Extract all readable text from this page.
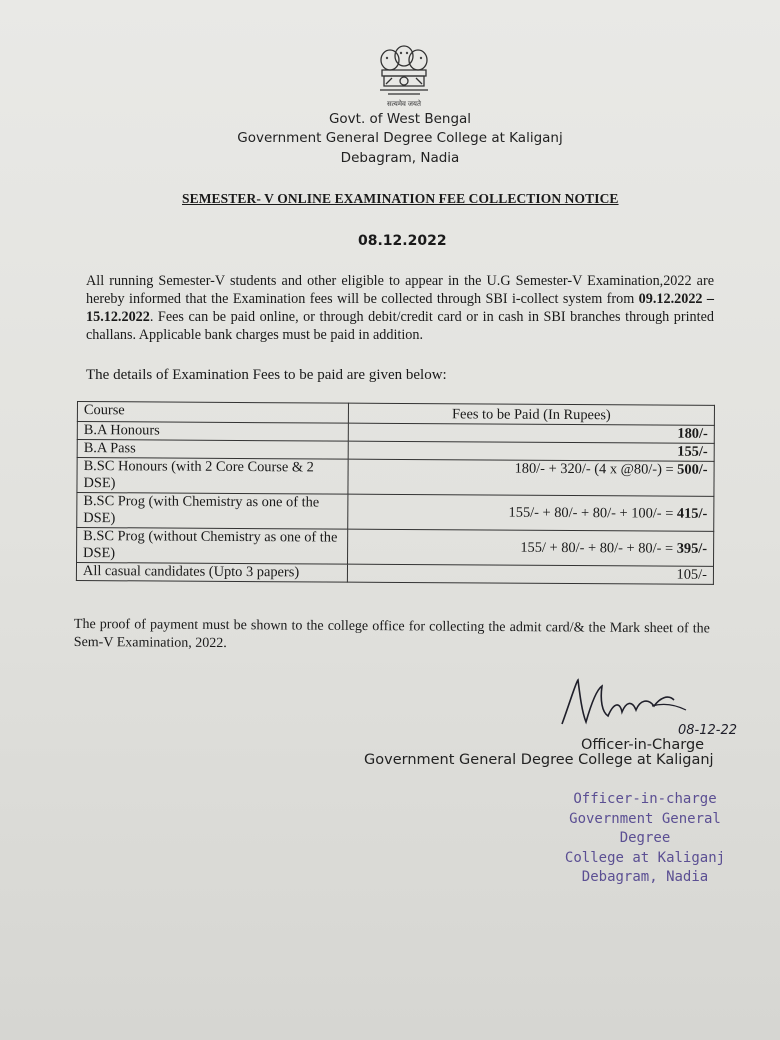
सत्यमेव जयते
Govt. of West Bengal
Government General Degree College at Kaliganj
Debagram, Nadia
SEMESTER- V ONLINE EXAMINATION FEE COLLECTION NOTICE
08.12.2022
All running Semester-V students and other eligible to appear in the U.G Semester-V Examination,2022 are hereby informed that the Examination fees will be collected through SBI i-collect system from 09.12.2022 – 15.12.2022. Fees can be paid online, or through debit/credit card or in cash in SBI branches through printed challans. Applicable bank charges must be paid in addition.
The details of Examination Fees to be paid are given below:
Course	Fees to be Paid (In Rupees)
B.A Honours	180/-
B.A Pass	155/-
B.SC Honours (with 2 Core Course & 2 DSE)	180/- + 320/- (4 x @80/-) = 500/-
B.SC Prog (with Chemistry as one of the DSE)	155/- + 80/- + 80/- + 100/- = 415/-
B.SC Prog (without Chemistry as one of the DSE)	155/ + 80/- + 80/- + 80/- = 395/-
All casual candidates (Upto 3 papers)	105/-
The proof of payment must be shown to the college office for collecting the admit card/& the Mark sheet of the Sem-V Examination, 2022.
08-12-22
Officer-in-Charge
Government General Degree College at Kaliganj
Officer-in-charge
Government General Degree
College at Kaliganj
Debagram, Nadia
